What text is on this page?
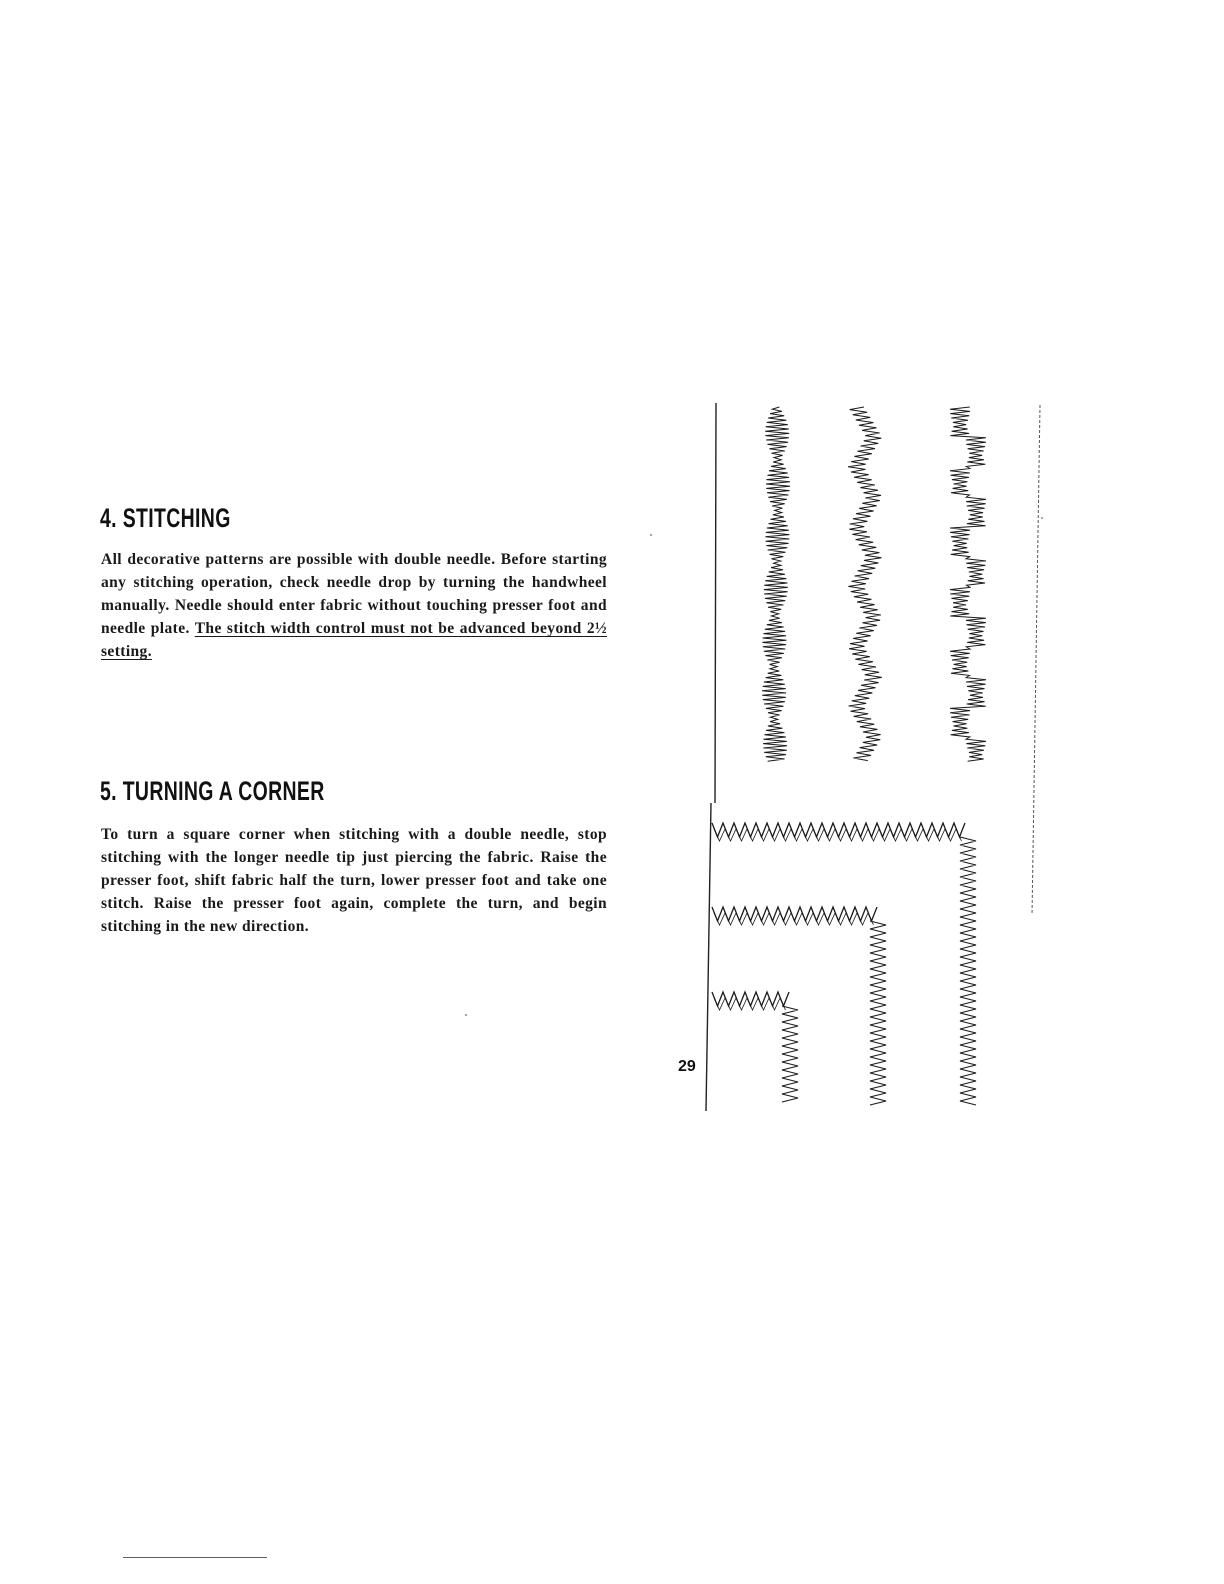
4. STITCHING

All decorative patterns are possible with double needle. Before starting any stitching operation, check needle drop by turning the handwheel manually. Needle should enter fabric without touching presser foot and needle plate. The stitch width control must not be advanced beyond 2½ setting.

5. TURNING A CORNER

To turn a square corner when stitching with a double needle, stop stitching with the longer needle tip just piercing the fabric. Raise the presser foot, shift fabric half the turn, lower presser foot and take one stitch. Raise the presser foot again, complete the turn, and begin stitching in the new direction.

29
